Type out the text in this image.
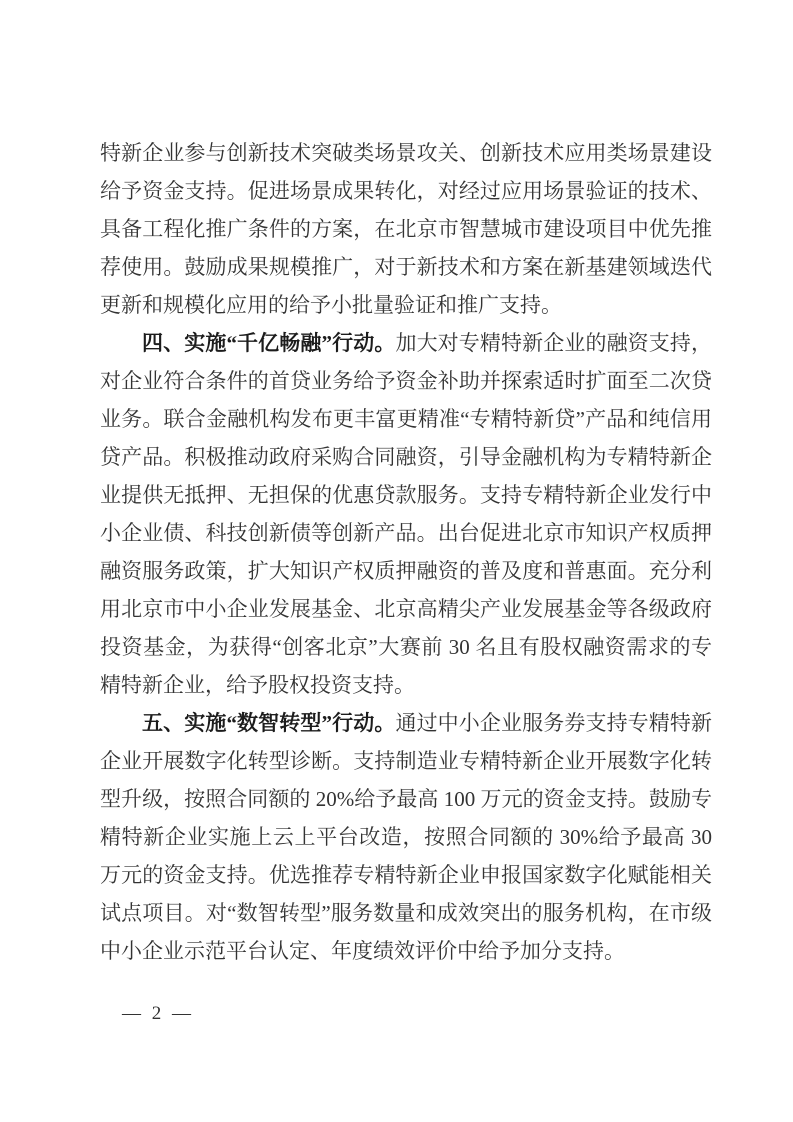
特新企业参与创新技术突破类场景攻关、创新技术应用类场景建设给予资金支持。促进场景成果转化，对经过应用场景验证的技术、具备工程化推广条件的方案，在北京市智慧城市建设项目中优先推荐使用。鼓励成果规模推广，对于新技术和方案在新基建领域迭代更新和规模化应用的给予小批量验证和推广支持。

四、实施“千亿畅融”行动。加大对专精特新企业的融资支持，对企业符合条件的首贷业务给予资金补助并探索适时扩面至二次贷业务。联合金融机构发布更丰富更精准“专精特新贷”产品和纯信用贷产品。积极推动政府采购合同融资，引导金融机构为专精特新企业提供无抵押、无担保的优惠贷款服务。支持专精特新企业发行中小企业债、科技创新债等创新产品。出台促进北京市知识产权质押融资服务政策，扩大知识产权质押融资的普及度和普惠面。充分利用北京市中小企业发展基金、北京高精尖产业发展基金等各级政府投资基金，为获得“创客北京”大赛前 30 名且有股权融资需求的专精特新企业，给予股权投资支持。

五、实施“数智转型”行动。通过中小企业服务券支持专精特新企业开展数字化转型诊断。支持制造业专精特新企业开展数字化转型升级，按照合同额的 20%给予最高 100 万元的资金支持。鼓励专精特新企业实施上云上平台改造，按照合同额的 30%给予最高 30 万元的资金支持。优选推荐专精特新企业申报国家数字化赋能相关试点项目。对“数智转型”服务数量和成效突出的服务机构，在市级中小企业示范平台认定、年度绩效评价中给予加分支持。

— 2 —
